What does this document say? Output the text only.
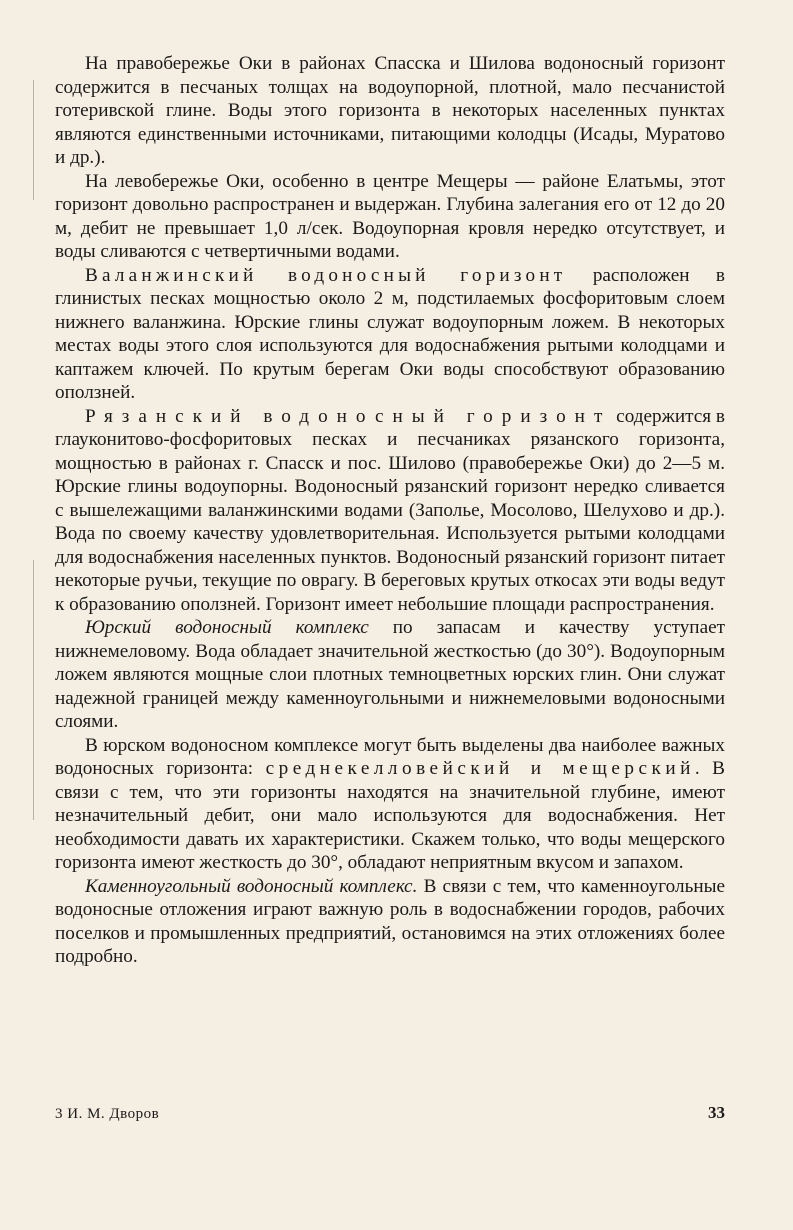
На правобережье Оки в районах Спасска и Шилова водоносный горизонт содержится в песчаных толщах на водоупорной, плотной, мало песчанистой готеривской глине. Воды этого горизонта в некоторых населенных пунктах являются единственными источниками, питающими колодцы (Исады, Муратово и др.).

На левобережье Оки, особенно в центре Мещеры — районе Елатьмы, этот горизонт довольно распространен и выдержан. Глубина залегания его от 12 до 20 м, дебит не превышает 1,0 л/сек. Водоупорная кровля нередко отсутствует, и воды сливаются с четвертичными водами.

Валанжинский водоносный горизонт расположен в глинистых песках мощностью около 2 м, подстилаемых фосфоритовым слоем нижнего валанжина. Юрские глины служат водоупорным ложем. В некоторых местах воды этого слоя используются для водоснабжения рытыми колодцами и каптажем ключей. По крутым берегам Оки воды способствуют образованию оползней.

Рязанский водоносный горизонт содержится в глауконитово-фосфоритовых песках и песчаниках рязанского горизонта, мощностью в районах г. Спасск и пос. Шилово (правобережье Оки) до 2—5 м. Юрские глины водоупорны. Водоносный рязанский горизонт нередко сливается с вышележащими валанжинскими водами (Заполье, Мосолово, Шелухово и др.). Вода по своему качеству удовлетворительная. Используется рытыми колодцами для водоснабжения населенных пунктов. Водоносный рязанский горизонт питает некоторые ручьи, текущие по оврагу. В береговых крутых откосах эти воды ведут к образованию оползней. Горизонт имеет небольшие площади распространения.

Юрский водоносный комплекс по запасам и качеству уступает нижнемеловому. Вода обладает значительной жесткостью (до 30°). Водоупорным ложем являются мощные слои плотных темноцветных юрских глин. Они служат надежной границей между каменноугольными и нижнемеловыми водоносными слоями.

В юрском водоносном комплексе могут быть выделены два наиболее важных водоносных горизонта: среднекелловейский и мещерский. В связи с тем, что эти горизонты находятся на значительной глубине, имеют незначительный дебит, они мало используются для водоснабжения. Нет необходимости давать их характеристики. Скажем только, что воды мещерского горизонта имеют жесткость до 30°, обладают неприятным вкусом и запахом.

Каменноугольный водоносный комплекс. В связи с тем, что каменноугольные водоносные отложения играют важную роль в водоснабжении городов, рабочих поселков и промышленных предприятий, остановимся на этих отложениях более подробно.

3 И. М. Дворов	33
